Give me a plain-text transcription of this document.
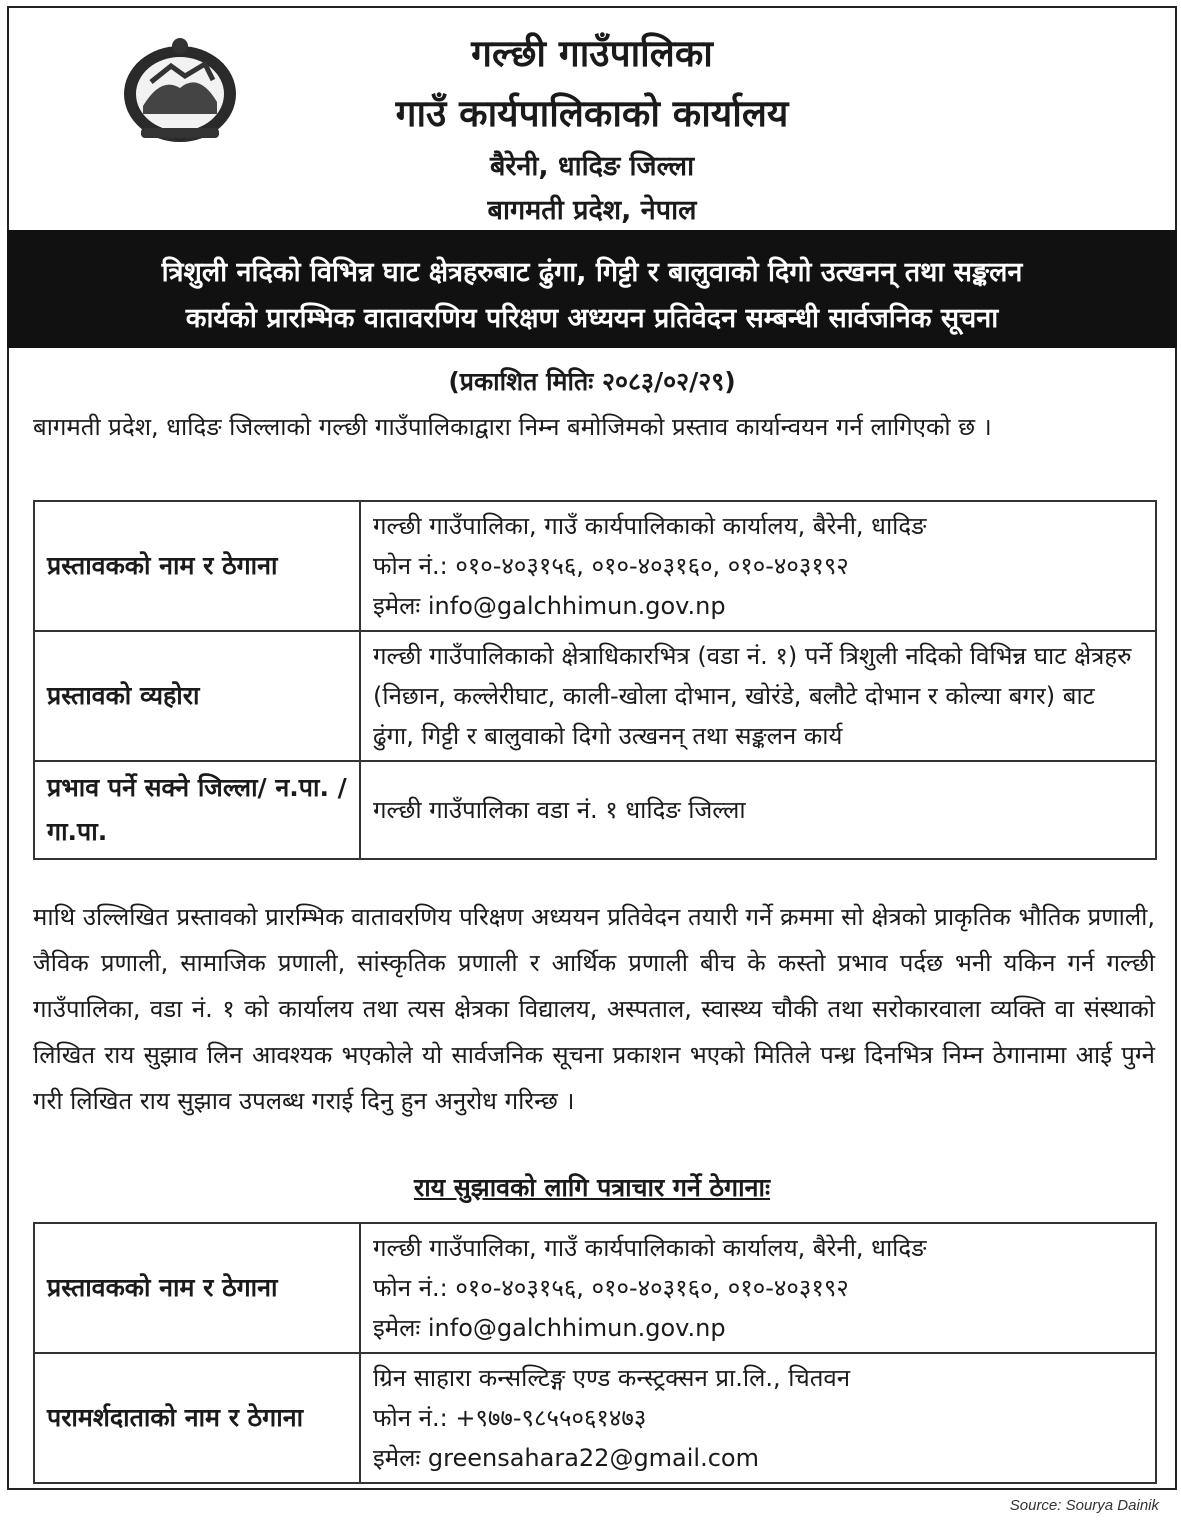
गल्छी गाउँपालिका
गाउँ कार्यपालिकाको कार्यालय
बैरेनी, धादिङ जिल्ला
बागमती प्रदेश, नेपाल
त्रिशुली नदिको विभिन्न घाट क्षेत्रहरुबाट ढुंगा, गिट्टी र बालुवाको दिगो उत्खनन् तथा सङ्कलन
कार्यको प्रारम्भिक वातावरणिय परिक्षण अध्ययन प्रतिवेदन सम्बन्धी सार्वजनिक सूचना
(प्रकाशित मितिः २०८३/०२/२९)
बागमती प्रदेश, धादिङ जिल्लाको गल्छी गाउँपालिकाद्वारा निम्न बमोजिमको प्रस्ताव कार्यान्वयन गर्न लागिएको छ ।
प्रस्तावकको नाम र ठेगाना	गल्छी गाउँपालिका, गाउँ कार्यपालिकाको कार्यालय, बैरेनी, धादिङ
फोन नं.: ०१०-४०३१५६, ०१०-४०३१६०, ०१०-४०३१९२
इमेलः info@galchhimun.gov.np

प्रस्तावको व्यहोरा	गल्छी गाउँपालिकाको क्षेत्राधिकारभित्र (वडा नं. १) पर्ने त्रिशुली नदिको विभिन्न घाट क्षेत्रहरु (निछान, कल्लेरीघाट, काली-खोला दोभान, खोरंडे, बलौटे दोभान र कोल्या बगर) बाट ढुंगा, गिट्टी र बालुवाको दिगो उत्खनन् तथा सङ्कलन कार्य
प्रभाव पर्ने सक्ने जिल्ला/ न.पा. / गा.पा.	गल्छी गाउँपालिका वडा नं. १ धादिङ जिल्ला
माथि उल्लिखित प्रस्तावको प्रारम्भिक वातावरणिय परिक्षण अध्ययन प्रतिवेदन तयारी गर्ने क्रममा सो क्षेत्रको प्राकृतिक भौतिक प्रणाली, जैविक प्रणाली, सामाजिक प्रणाली, सांस्कृतिक प्रणाली र आर्थिक प्रणाली बीच के कस्तो प्रभाव पर्दछ भनी यकिन गर्न गल्छी गाउँपालिका, वडा नं. १ को कार्यालय तथा त्यस क्षेत्रका विद्यालय, अस्पताल, स्वास्थ्य चौकी तथा सरोकारवाला व्यक्ति वा संस्थाको लिखित राय सुझाव लिन आवश्यक भएकोले यो सार्वजनिक सूचना प्रकाशन भएको मितिले पन्ध्र दिनभित्र निम्न ठेगानामा आई पुग्ने गरी लिखित राय सुझाव उपलब्ध गराई दिनु हुन अनुरोध गरिन्छ ।
राय सुझावको लागि पत्राचार गर्ने ठेगानाः
प्रस्तावकको नाम र ठेगाना	गल्छी गाउँपालिका, गाउँ कार्यपालिकाको कार्यालय, बैरेनी, धादिङ
फोन नं.: ०१०-४०३१५६, ०१०-४०३१६०, ०१०-४०३१९२
इमेलः info@galchhimun.gov.np

परामर्शदाताको नाम र ठेगाना	ग्रिन साहारा कन्सल्टिङ्ग एण्ड कन्स्ट्रक्सन प्रा.लि., चितवन
फोन नं.: +९७७-९८५५०६१४७३
इमेलः greensahara22@gmail.com
Source: Sourya Dainik
